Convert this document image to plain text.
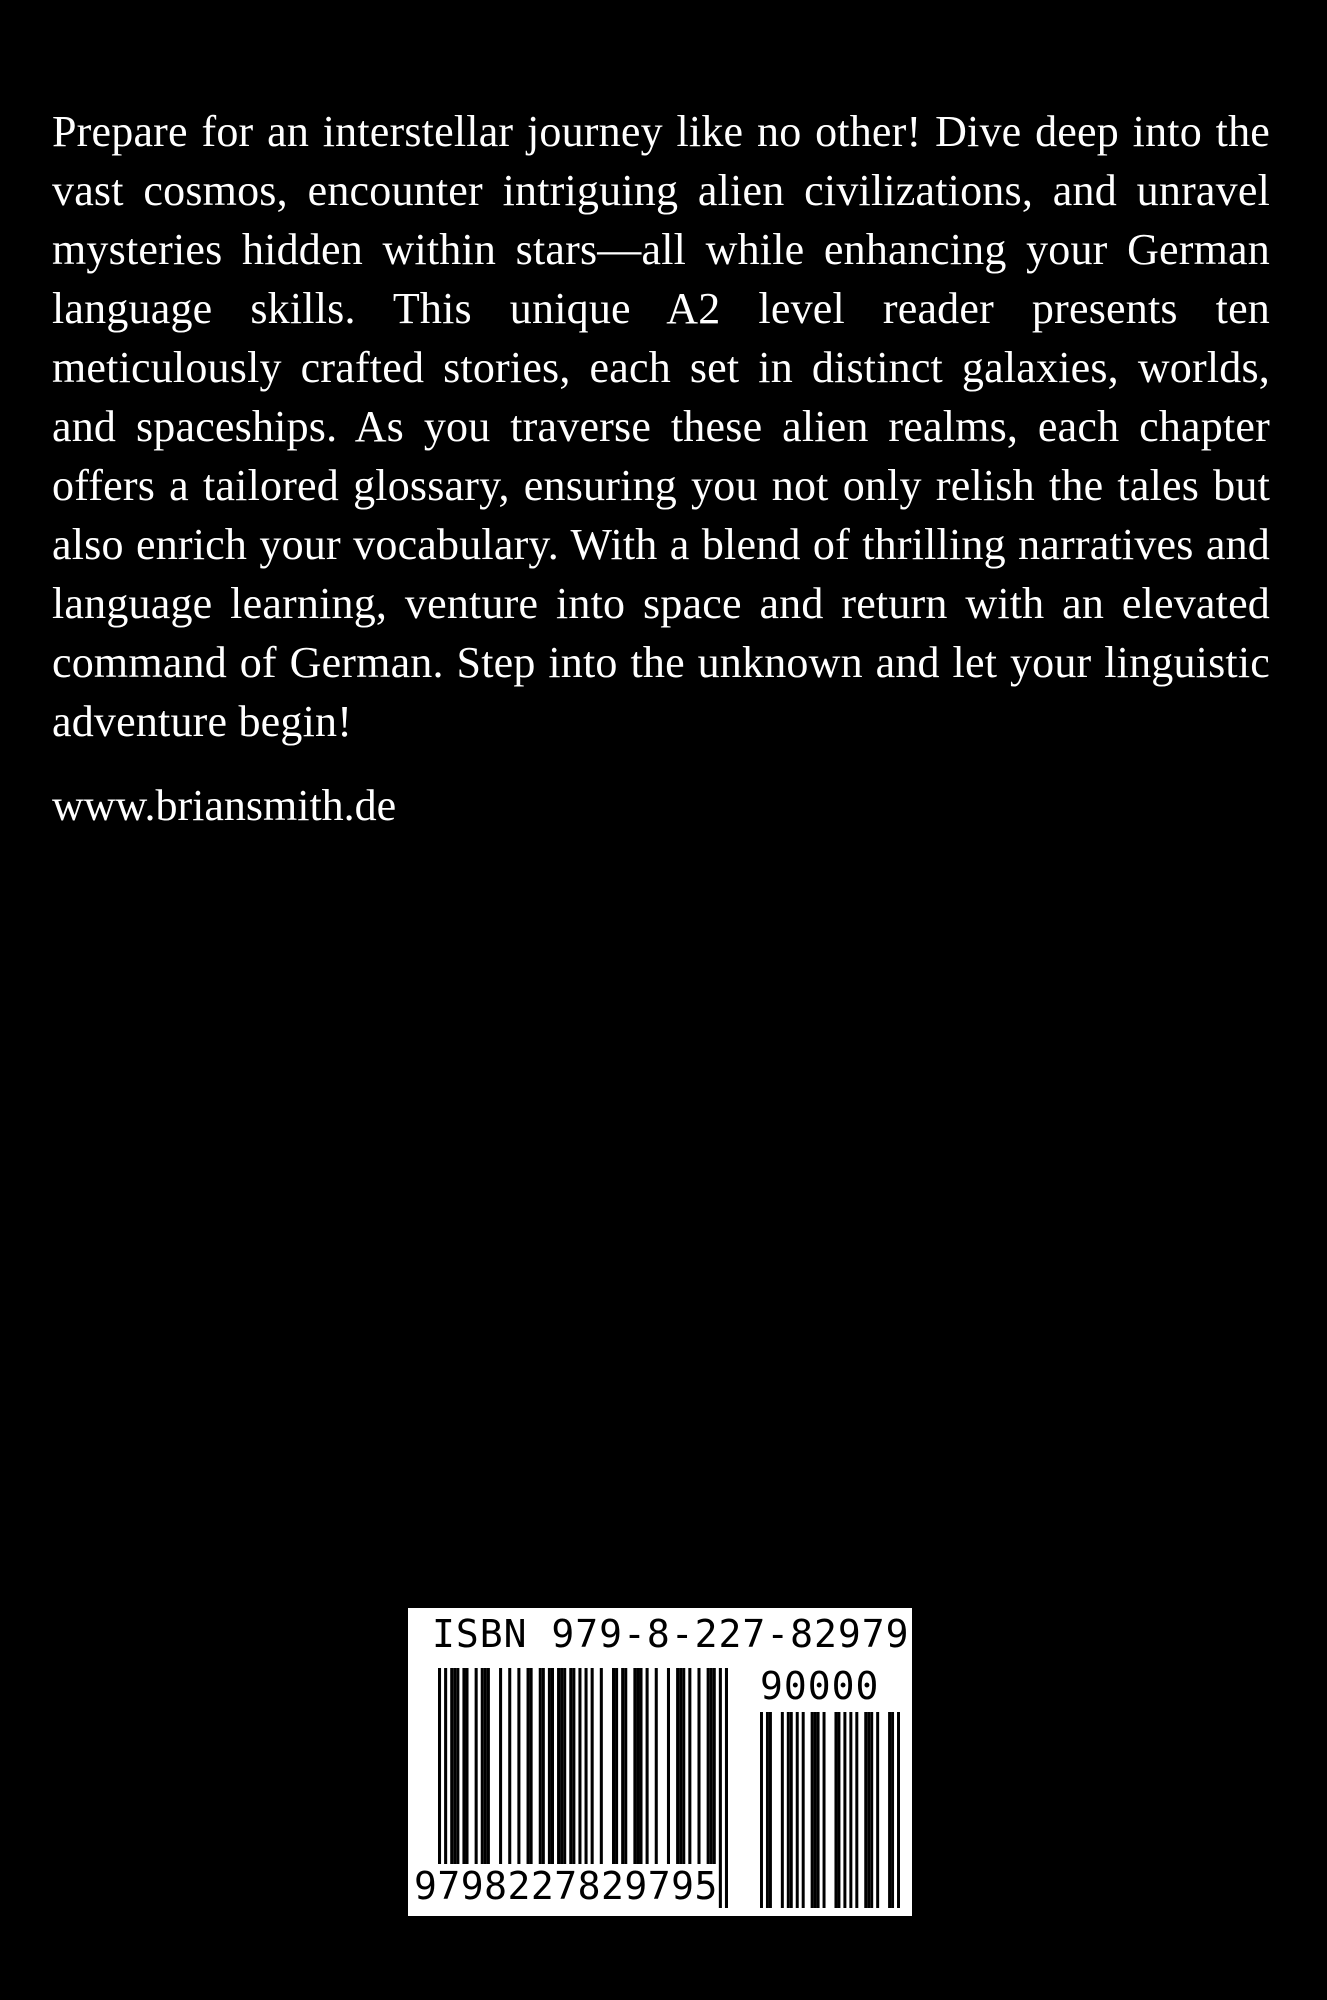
Prepare for an interstellar journey like no other! Dive deep into the vast cosmos, encounter intriguing alien civilizations, and unravel mysteries hidden within stars—all while enhancing your German language skills. This unique A2 level reader presents ten meticulously crafted stories, each set in distinct galaxies, worlds, and spaceships. As you traverse these alien realms, each chapter offers a tailored glossary, ensuring you not only relish the tales but also enrich your vocabulary. With a blend of thrilling narratives and language learning, venture into space and return with an elevated command of German. Step into the unknown and let your linguistic adventure begin!

www.briansmith.de

ISBN 979-8-227-82979-5
90000
9798227829795
